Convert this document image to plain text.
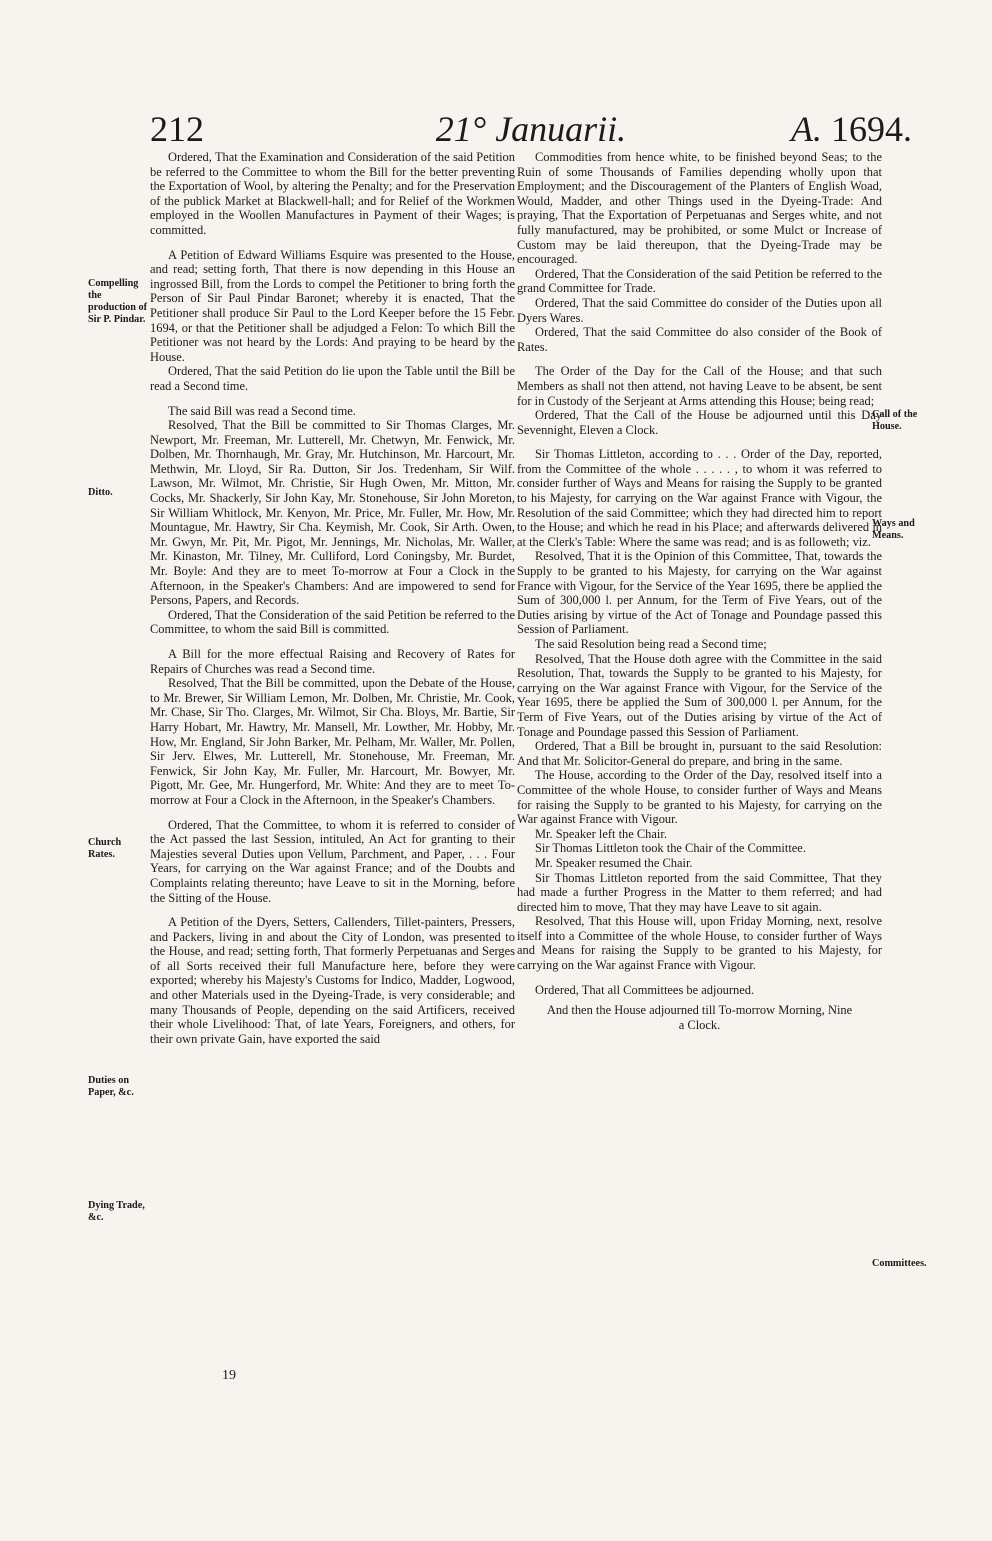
212	21° Januarii.	A. 1694.
Compelling the production of Sir P. Pindar.
Ditto.
Church Rates.
Duties on Paper, &c.
Dying Trade, &c.
Call of the House.
Ways and Means.
Committees.

Ordered, That the Examination and Consideration of the said Petition be referred to the Committee to whom the Bill for the better preventing the Exportation of Wool, by altering the Penalty; and for the Preservation of the publick Market at Blackwell-hall; and for Relief of the Workmen employed in the Woollen Manufactures in Payment of their Wages; is committed.

A Petition of Edward Williams Esquire was presented to the House, and read; setting forth, That there is now depending in this House an ingrossed Bill, from the Lords to compel the Petitioner to bring forth the Person of Sir Paul Pindar Baronet; whereby it is enacted, That the Petitioner shall produce Sir Paul to the Lord Keeper before the 15 Febr. 1694, or that the Petitioner shall be adjudged a Felon: To which Bill the Petitioner was not heard by the Lords: And praying to be heard by the House.

Ordered, That the said Petition do lie upon the Table until the Bill be read a Second time.

The said Bill was read a Second time.

Resolved, That the Bill be committed to Sir Thomas Clarges, Mr. Newport, Mr. Freeman, Mr. Lutterell, Mr. Chetwyn, Mr. Fenwick, Mr. Dolben, Mr. Thornhaugh, Mr. Gray, Mr. Hutchinson, Mr. Harcourt, Mr. Methwin, Mr. Lloyd, Sir Ra. Dutton, Sir Jos. Tredenham, Sir Wilf. Lawson, Mr. Wilmot, Mr. Christie, Sir Hugh Owen, Mr. Mitton, Mr. Cocks, Mr. Shackerly, Sir John Kay, Mr. Stonehouse, Sir John Moreton, Sir William Whitlock, Mr. Kenyon, Mr. Price, Mr. Fuller, Mr. How, Mr. Mountague, Mr. Hawtry, Sir Cha. Keymish, Mr. Cook, Sir Arth. Owen, Mr. Gwyn, Mr. Pit, Mr. Pigot, Mr. Jennings, Mr. Nicholas, Mr. Waller, Mr. Kinaston, Mr. Tilney, Mr. Culliford, Lord Coningsby, Mr. Burdet, Mr. Boyle: And they are to meet To-morrow at Four a Clock in the Afternoon, in the Speaker's Chambers: And are impowered to send for Persons, Papers, and Records.

Ordered, That the Consideration of the said Petition be referred to the Committee, to whom the said Bill is committed.

A Bill for the more effectual Raising and Recovery of Rates for Repairs of Churches was read a Second time.

Resolved, That the Bill be committed, upon the Debate of the House, to Mr. Brewer, Sir William Lemon, Mr. Dolben, Mr. Christie, Mr. Cook, Mr. Chase, Sir Tho. Clarges, Mr. Wilmot, Sir Cha. Bloys, Mr. Bartie, Sir Harry Hobart, Mr. Hawtry, Mr. Mansell, Mr. Lowther, Mr. Hobby, Mr. How, Mr. England, Sir John Barker, Mr. Pelham, Mr. Waller, Mr. Pollen, Sir Jerv. Elwes, Mr. Lutterell, Mr. Stonehouse, Mr. Freeman, Mr. Fenwick, Sir John Kay, Mr. Fuller, Mr. Harcourt, Mr. Bowyer, Mr. Pigott, Mr. Gee, Mr. Hungerford, Mr. White: And they are to meet To-morrow at Four a Clock in the Afternoon, in the Speaker's Chambers.

Ordered, That the Committee, to whom it is referred to consider of the Act passed the last Session, intituled, An Act for granting to their Majesties several Duties upon Vellum, Parchment, and Paper, . . . Four Years, for carrying on the War against France; and of the Doubts and Complaints relating thereunto; have Leave to sit in the Morning, before the Sitting of the House.

A Petition of the Dyers, Setters, Callenders, Tillet-painters, Pressers, and Packers, living in and about the City of London, was presented to the House, and read; setting forth, That formerly Perpetuanas and Serges of all Sorts received their full Manufacture here, before they were exported; whereby his Majesty's Customs for Indico, Madder, Logwood, and other Materials used in the Dyeing-Trade, is very considerable; and many Thousands of People, depending on the said Artificers, received their whole Livelihood: That, of late Years, Foreigners, and others, for their own private Gain, have exported the said

Commodities from hence white, to be finished beyond Seas; to the Ruin of some Thousands of Families depending wholly upon that Employment; and the Discouragement of the Planters of English Woad, Would, Madder, and other Things used in the Dyeing-Trade: And praying, That the Exportation of Perpetuanas and Serges white, and not fully manufactured, may be prohibited, or some Mulct or Increase of Custom may be laid thereupon, that the Dyeing-Trade may be encouraged.

Ordered, That the Consideration of the said Petition be referred to the grand Committee for Trade.

Ordered, That the said Committee do consider of the Duties upon all Dyers Wares.

Ordered, That the said Committee do also consider of the Book of Rates.

The Order of the Day for the Call of the House; and that such Members as shall not then attend, not having Leave to be absent, be sent for in Custody of the Serjeant at Arms attending this House; being read;

Ordered, That the Call of the House be adjourned until this Day Sevennight, Eleven a Clock.

Sir Thomas Littleton, according to . . . Order of the Day, reported, from the Committee of the whole . . . . . , to whom it was referred to consider further of Ways and Means for raising the Supply to be granted to his Majesty, for carrying on the War against France with Vigour, the Resolution of the said Committee; which they had directed him to report to the House; and which he read in his Place; and afterwards delivered in at the Clerk's Table: Where the same was read; and is as followeth; viz.

Resolved, That it is the Opinion of this Committee, That, towards the Supply to be granted to his Majesty, for carrying on the War against France with Vigour, for the Service of the Year 1695, there be applied the Sum of 300,000 l. per Annum, for the Term of Five Years, out of the Duties arising by virtue of the Act of Tonage and Poundage passed this Session of Parliament.

The said Resolution being read a Second time;

Resolved, That the House doth agree with the Committee in the said Resolution, That, towards the Supply to be granted to his Majesty, for carrying on the War against France with Vigour, for the Service of the Year 1695, there be applied the Sum of 300,000 l. per Annum, for the Term of Five Years, out of the Duties arising by virtue of the Act of Tonage and Poundage passed this Session of Parliament.

Ordered, That a Bill be brought in, pursuant to the said Resolution: And that Mr. Solicitor-General do prepare, and bring in the same.

The House, according to the Order of the Day, resolved itself into a Committee of the whole House, to consider further of Ways and Means for raising the Supply to be granted to his Majesty, for carrying on the War against France with Vigour.

Mr. Speaker left the Chair.

Sir Thomas Littleton took the Chair of the Committee.

Mr. Speaker resumed the Chair.

Sir Thomas Littleton reported from the said Committee, That they had made a further Progress in the Matter to them referred; and had directed him to move, That they may have Leave to sit again.

Resolved, That this House will, upon Friday Morning, next, resolve itself into a Committee of the whole House, to consider further of Ways and Means for raising the Supply to be granted to his Majesty, for carrying on the War against France with Vigour.

Ordered, That all Committees be adjourned.

And then the House adjourned till To-morrow Morning, Nine a Clock.

19
